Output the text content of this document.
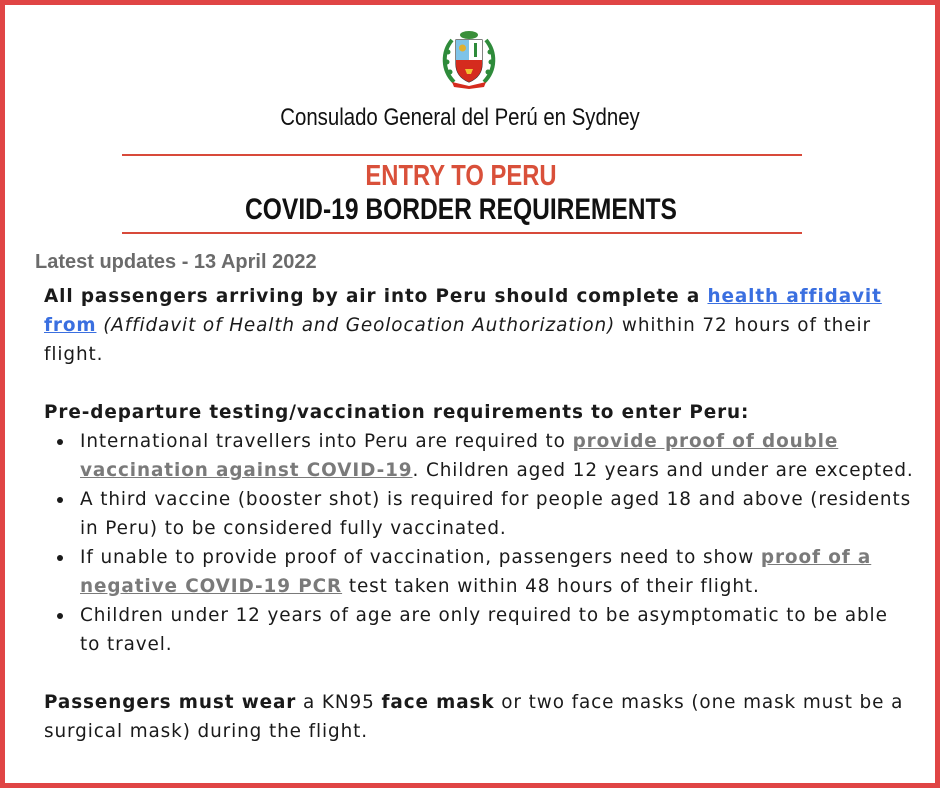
Consulado General del Perú en Sydney
ENTRY TO PERU
COVID-19 BORDER REQUIREMENTS
Latest updates - 13 April 2022

All passengers arriving by air into Peru should complete a health affidavit from (Affidavit of Health and Geolocation Authorization) whithin 72 hours of their flight.

Pre-departure testing/vaccination requirements to enter Peru:

International travellers into Peru are required to provide proof of double vaccination against COVID-19. Children aged 12 years and under are excepted.
A third vaccine (booster shot) is required for people aged 18 and above (residents in Peru) to be considered fully vaccinated.
If unable to provide proof of vaccination, passengers need to show proof of a negative COVID-19 PCR test taken within 48 hours of their flight.
Children under 12 years of age are only required to be asymptomatic to be able to travel.

Passengers must wear a KN95 face mask or two face masks (one mask must be a surgical mask) during the flight.
